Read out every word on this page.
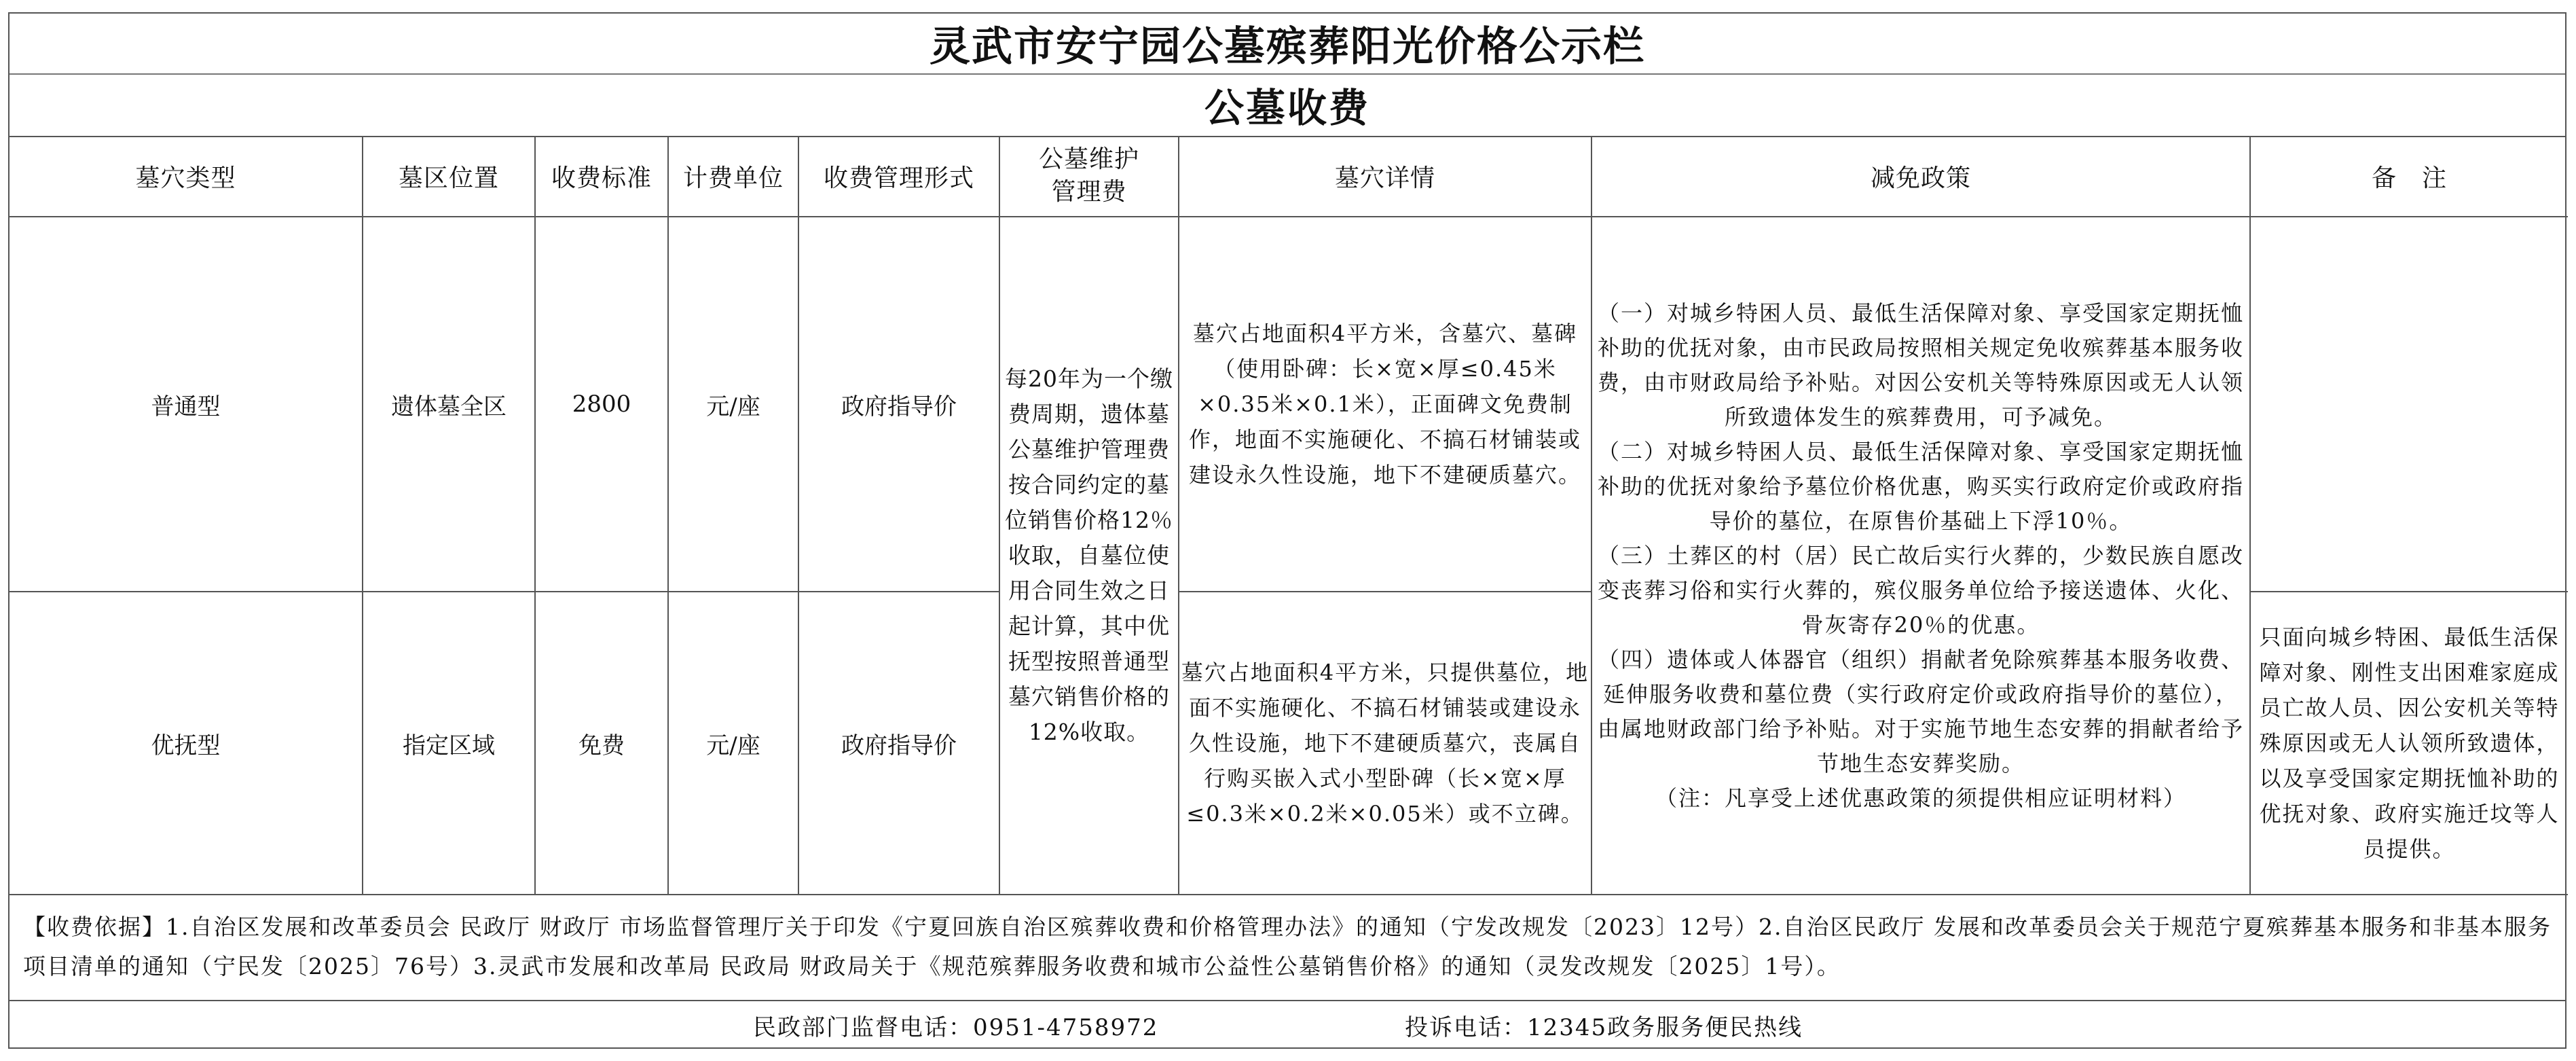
灵武市安宁园公墓殡葬阳光价格公示栏
公墓收费
墓穴类型	墓区位置	收费标准	计费单位	收费管理形式	公墓维护
管理费	墓穴详情	减免政策	备　注
普通型	遗体墓全区	2800	元/座	政府指导价	每20年为一个缴费周期，遗体墓公墓维护管理费按合同约定的墓位销售价格12％收取，自墓位使用合同生效之日起计算，其中优抚型按照普通型墓穴销售价格的12%收取。	墓穴占地面积4平方米，含墓穴、墓碑（使用卧碑：长×宽×厚≤0.45米×0.35米×0.1米），正面碑文免费制作，地面不实施硬化、不搞石材铺装或建设永久性设施，地下不建硬质墓穴。	（一）对城乡特困人员、最低生活保障对象、享受国家定期抚恤补助的优抚对象，由市民政局按照相关规定免收殡葬基本服务收费，由市财政局给予补贴。对因公安机关等特殊原因或无人认领所致遗体发生的殡葬费用，可予减免。

（二）对城乡特困人员、最低生活保障对象、享受国家定期抚恤补助的优抚对象给予墓位价格优惠，购买实行政府定价或政府指导价的墓位，在原售价基础上下浮10％。

（三）土葬区的村（居）民亡故后实行火葬的，少数民族自愿改变丧葬习俗和实行火葬的，殡仪服务单位给予接送遗体、火化、骨灰寄存20％的优惠。

（四）遗体或人体器官（组织）捐献者免除殡葬基本服务收费、延伸服务收费和墓位费（实行政府定价或政府指导价的墓位），由属地财政部门给予补贴。对于实施节地生态安葬的捐献者给予节地生态安葬奖励。

（注：凡享受上述优惠政策的须提供相应证明材料）	

优抚型	指定区域	免费	元/座	政府指导价		墓穴占地面积4平方米，只提供墓位，地面不实施硬化、不搞石材铺装或建设永久性设施，地下不建硬质墓穴，丧属自行购买嵌入式小型卧碑（长×宽×厚≤0.3米×0.2米×0.05米）或不立碑。		只面向城乡特困、最低生活保障对象、刚性支出困难家庭成员亡故人员、因公安机关等特殊原因或无人认领所致遗体，以及享受国家定期抚恤补助的优抚对象、政府实施迁坟等人员提供。
【收费依据】1.自治区发展和改革委员会 民政厅 财政厅 市场监督管理厅关于印发《宁夏回族自治区殡葬收费和价格管理办法》的通知（宁发改规发〔2023〕12号）2.自治区民政厅 发展和改革委员会关于规范宁夏殡葬基本服务和非基本服务项目清单的通知（宁民发〔2025〕76号）3.灵武市发展和改革局 民政局 财政局关于《规范殡葬服务收费和城市公益性公墓销售价格》的通知（灵发改规发〔2025〕1号）。
民政部门监督电话：0951-4758972	投诉电话：12345政务服务便民热线
